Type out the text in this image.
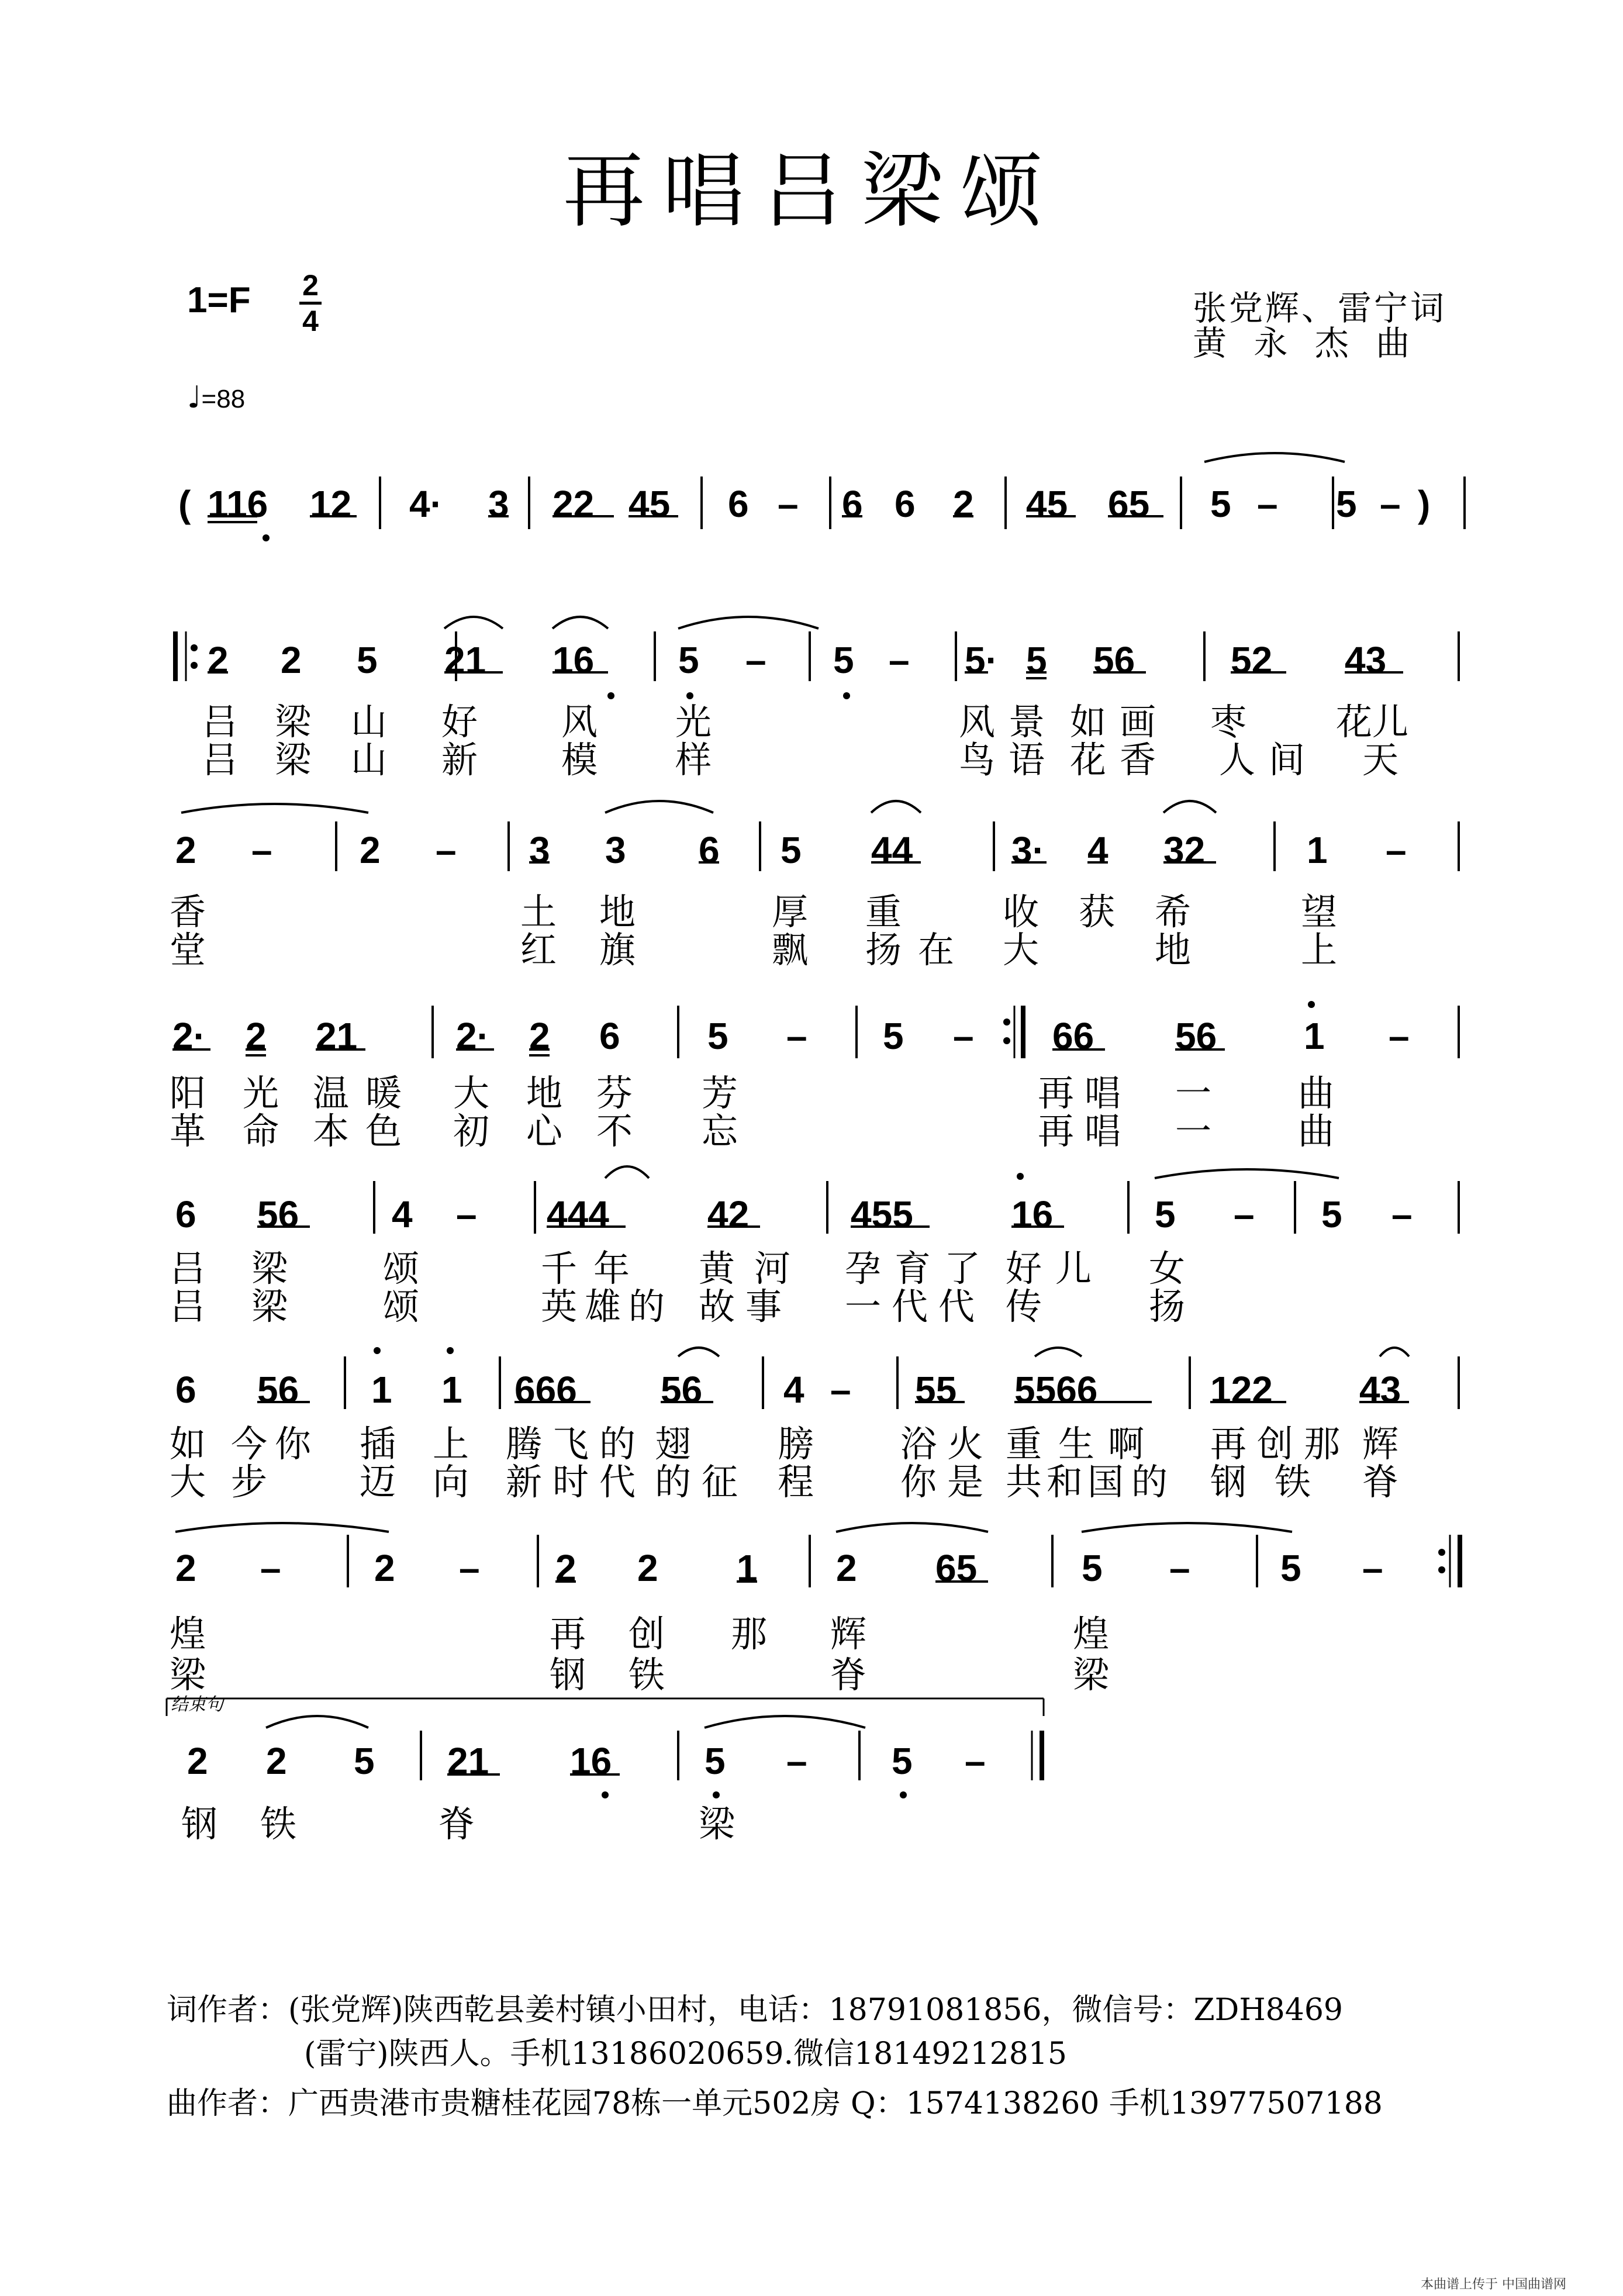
再唱吕梁颂
1=F 2
4	张党辉、雷宁词
黄 永 杰 曲
♩=88
( 116 12 4· 3 22 45 6 – 6 6 2 45 65 5 – 5 – )
2 2 5 21 16 5 – 5 – 5· 5 56	52 43
吕 梁 山 好 风 光	风 景 如 画 枣 花儿
吕 梁 山 新 模 样	鸟 语 花 香 人 间 天
2 – 2 – 3 3 6 5 44	3· 4 32	1 –
香	土 地	厚 重	收 获 希	望
堂	红 旗	飘 扬 在 大	地	上
2· 2 21	2· 2 6 5 – 5 – 66 56 1 –
阳 光 温 暖 大 地 芬 芳	再 唱 一 曲
革 命 本 色 初 心 不 忘	再 唱 一 曲
6 56 4 – 444	42	455	16	5 – 5 –
吕 梁	颂	千 年 黄 河 孕 育 了 好 儿 女
吕 梁	颂	英 雄 的 故 事 一 代 代 传	扬
6 56 1 1 666 56 4 – 55 5566	122 43
如 今 你 插 上 腾 飞 的 翅 膀 浴 火 重 生 啊 再 创 那 辉
大 步	迈 向 新 时 代 的 征 程 你 是 共 和 国 的 钢 铁 脊
2 – 2 – 2 2 1 2 65	5 – 5 –
煌	再 创 那 辉	煌
梁	钢 铁	脊	梁
结束句
2 2 5 21 16 5 – 5 –
钢 铁	脊	梁
词作者：(张党辉)陕西乾县姜村镇小田村，电话：18791081856，微信号：ZDH8469
(雷宁)陕西人。手机13186020659.微信18149212815
曲作者：广西贵港市贵糖桂花园78栋一单元502房 Q：1574138260 手机13977507188
本曲谱上传于 中国曲谱网
